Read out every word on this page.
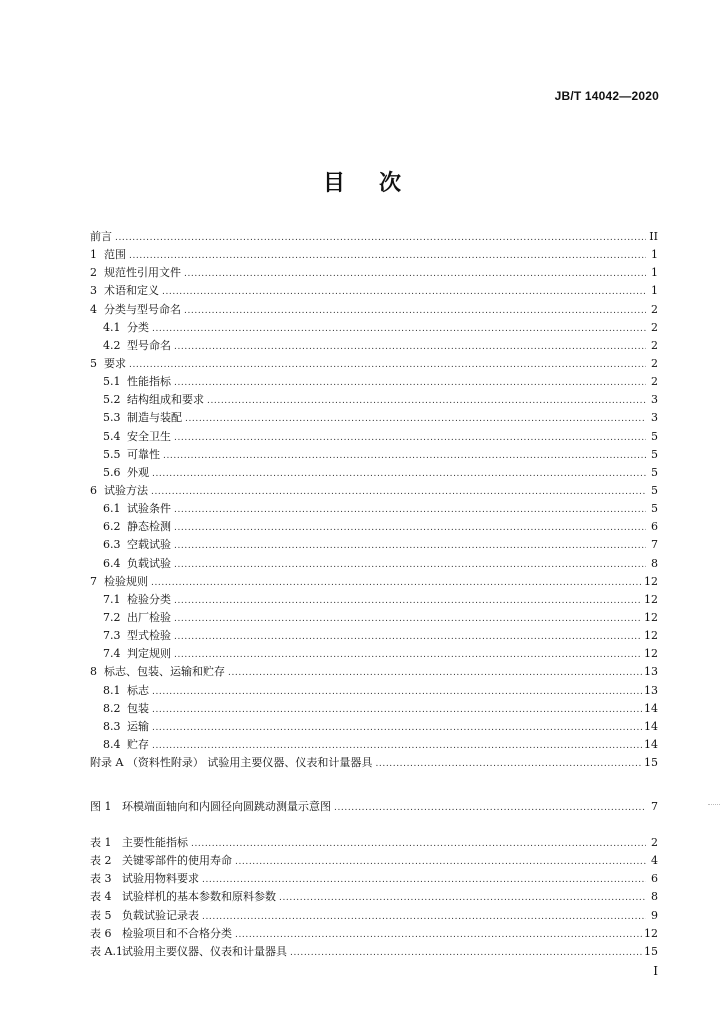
JB/T 14042—2020
目次
前言 .....	II
1 范围 .....	1
2 规范性引用文件 .....	1
3 术语和定义 .....	1
4 分类与型号命名 .....	2
4.1 分类 .....	2
4.2 型号命名 .....	2
5 要求 .....	2
5.1 性能指标 .....	2
5.2 结构组成和要求 .....	3
5.3 制造与装配 .....	3
5.4 安全卫生 .....	5
5.5 可靠性 .....	5
5.6 外观 .....	5
6 试验方法 .....	5
6.1 试验条件 .....	5
6.2 静态检测 .....	6
6.3 空载试验 .....	7
6.4 负载试验 .....	8
7 检验规则 .....	12
7.1 检验分类 .....	12
7.2 出厂检验 .....	12
7.3 型式检验 .....	12
7.4 判定规则 .....	12
8 标志、包装、运输和贮存 .....	13
8.1 标志 .....	13
8.2 包装 .....	14
8.3 运输 .....	14
8.4 贮存 .....	14
附录 A （资料性附录） 试验用主要仪器、仪表和计量器具 .....	15
图 1 环模端面轴向和内圆径向圆跳动测量示意图 .....	7
表 1 主要性能指标 .....	2
表 2 关键零部件的使用寿命 .....	4
表 3 试验用物料要求 .....	6
表 4 试验样机的基本参数和原料参数 .....	8
表 5 负载试验记录表 .....	9
表 6 检验项目和不合格分类 .....	12
表 A.1 试验用主要仪器、仪表和计量器具 .....	15
I
